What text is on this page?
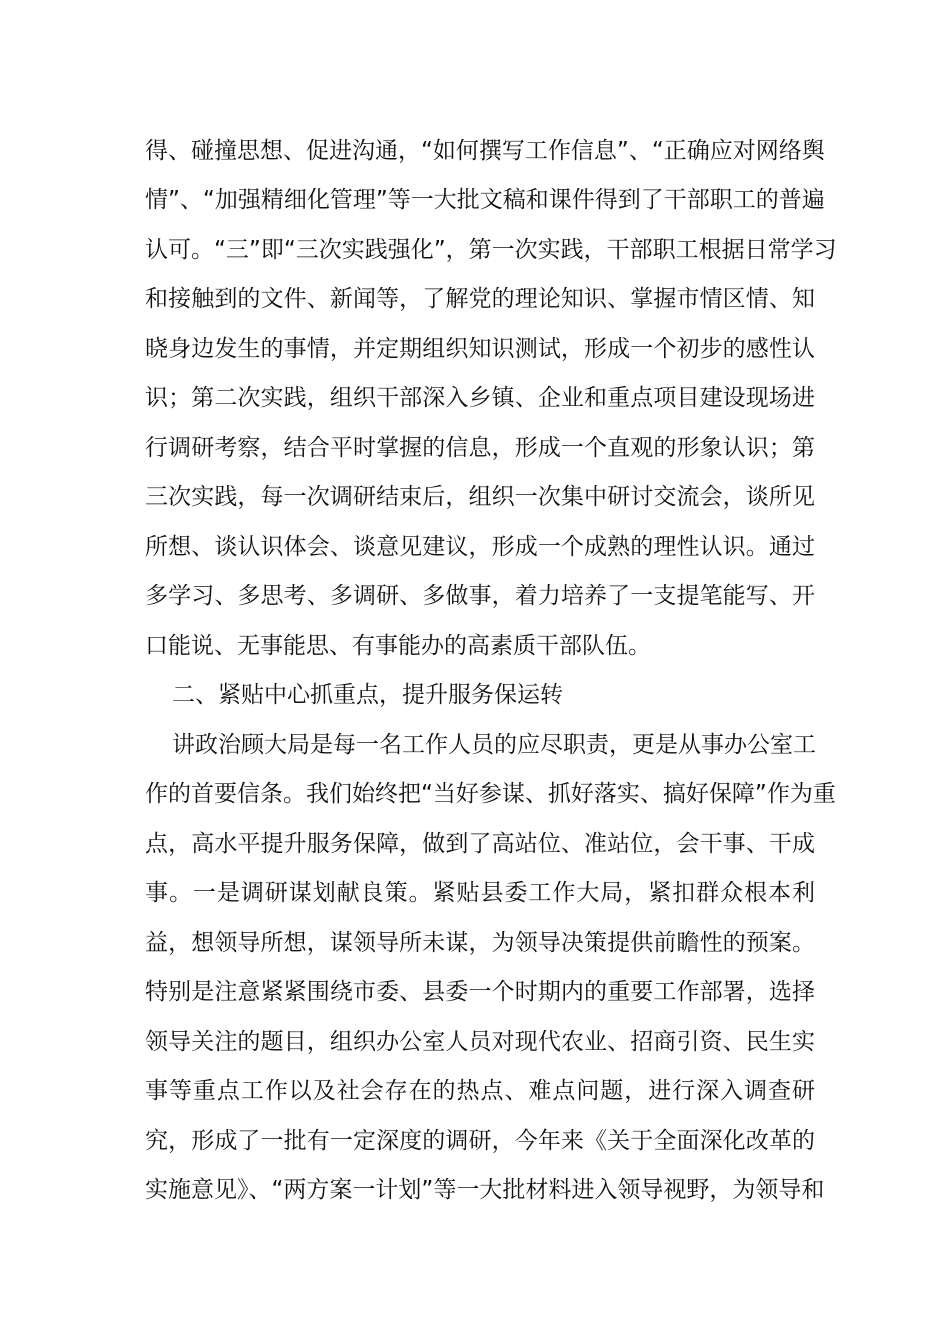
得、碰撞思想、促进沟通，“如何撰写工作信息”、“正确应对网络舆
情”、“加强精细化管理”等一大批文稿和课件得到了干部职工的普遍
认可。“三”即“三次实践强化”，第一次实践，干部职工根据日常学习
和接触到的文件、新闻等，了解党的理论知识、掌握市情区情、知
晓身边发生的事情，并定期组织知识测试，形成一个初步的感性认
识；第二次实践，组织干部深入乡镇、企业和重点项目建设现场进
行调研考察，结合平时掌握的信息，形成一个直观的形象认识；第
三次实践，每一次调研结束后，组织一次集中研讨交流会，谈所见
所想、谈认识体会、谈意见建议，形成一个成熟的理性认识。通过
多学习、多思考、多调研、多做事，着力培养了一支提笔能写、开
口能说、无事能思、有事能办的高素质干部队伍。
二、紧贴中心抓重点，提升服务保运转
讲政治顾大局是每一名工作人员的应尽职责，更是从事办公室工
作的首要信条。我们始终把“当好参谋、抓好落实、搞好保障”作为重
点，高水平提升服务保障，做到了高站位、准站位，会干事、干成
事。一是调研谋划献良策。紧贴县委工作大局，紧扣群众根本利
益，想领导所想，谋领导所未谋，为领导决策提供前瞻性的预案。
特别是注意紧紧围绕市委、县委一个时期内的重要工作部署，选择
领导关注的题目，组织办公室人员对现代农业、招商引资、民生实
事等重点工作以及社会存在的热点、难点问题，进行深入调查研
究，形成了一批有一定深度的调研，今年来《关于全面深化改革的
实施意见》、“两方案一计划”等一大批材料进入领导视野，为领导和
